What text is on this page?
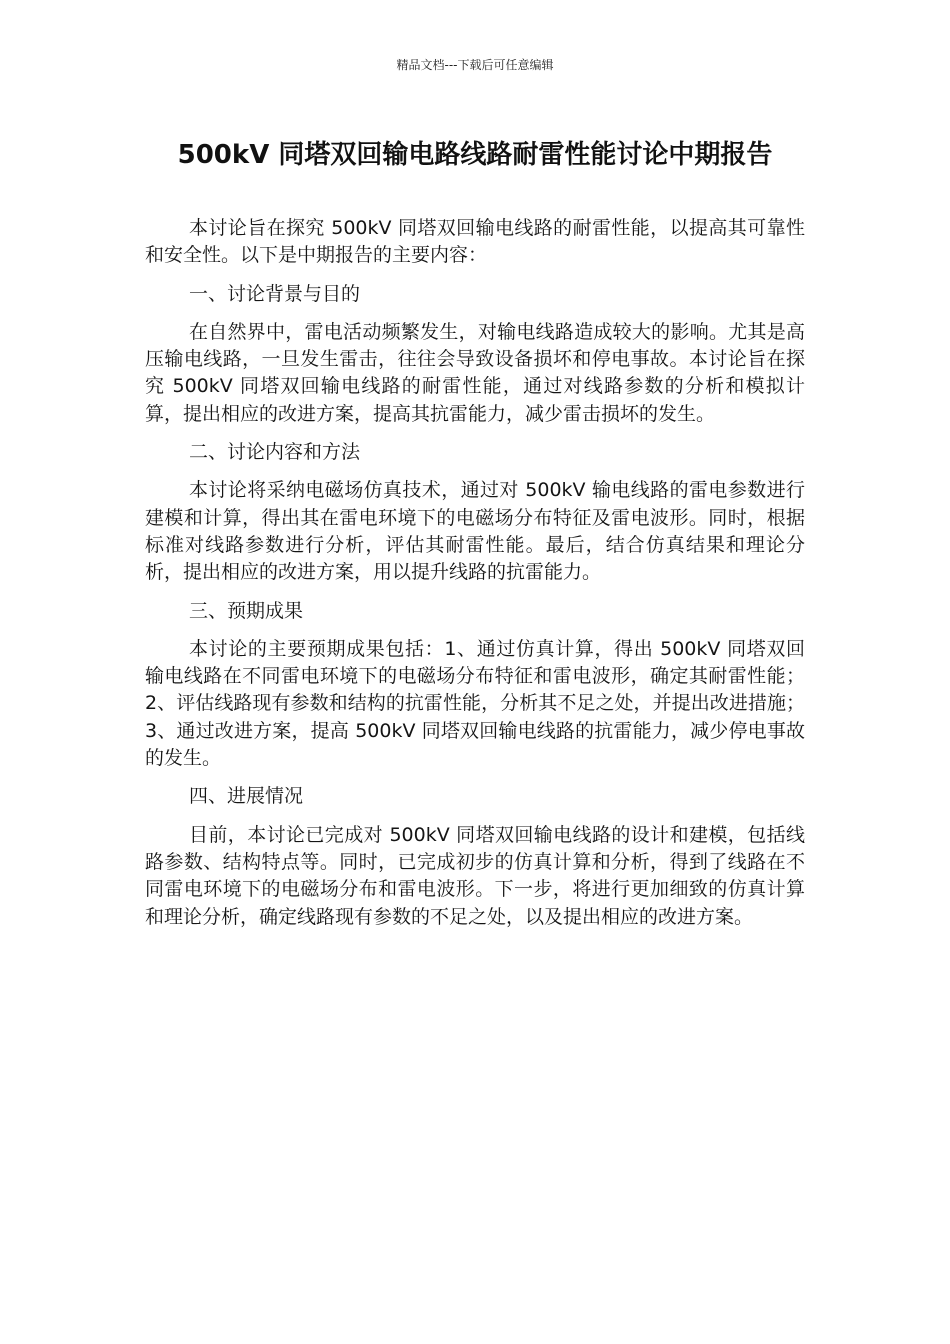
精品文档---下载后可任意编辑
500kV 同塔双回输电路线路耐雷性能讨论中期报告

本讨论旨在探究 500kV 同塔双回输电线路的耐雷性能，以提高其可靠性和安全性。以下是中期报告的主要内容：

一、讨论背景与目的

在自然界中，雷电活动频繁发生，对输电线路造成较大的影响。尤其是高压输电线路，一旦发生雷击，往往会导致设备损坏和停电事故。本讨论旨在探究 500kV 同塔双回输电线路的耐雷性能，通过对线路参数的分析和模拟计算，提出相应的改进方案，提高其抗雷能力，减少雷击损坏的发生。

二、讨论内容和方法

本讨论将采纳电磁场仿真技术，通过对 500kV 输电线路的雷电参数进行建模和计算，得出其在雷电环境下的电磁场分布特征及雷电波形。同时，根据标准对线路参数进行分析，评估其耐雷性能。最后，结合仿真结果和理论分析，提出相应的改进方案，用以提升线路的抗雷能力。

三、预期成果

本讨论的主要预期成果包括：1、通过仿真计算，得出 500kV 同塔双回输电线路在不同雷电环境下的电磁场分布特征和雷电波形，确定其耐雷性能；2、评估线路现有参数和结构的抗雷性能，分析其不足之处，并提出改进措施；3、通过改进方案，提高 500kV 同塔双回输电线路的抗雷能力，减少停电事故的发生。

四、进展情况

目前，本讨论已完成对 500kV 同塔双回输电线路的设计和建模，包括线路参数、结构特点等。同时，已完成初步的仿真计算和分析，得到了线路在不同雷电环境下的电磁场分布和雷电波形。下一步，将进行更加细致的仿真计算和理论分析，确定线路现有参数的不足之处，以及提出相应的改进方案。
